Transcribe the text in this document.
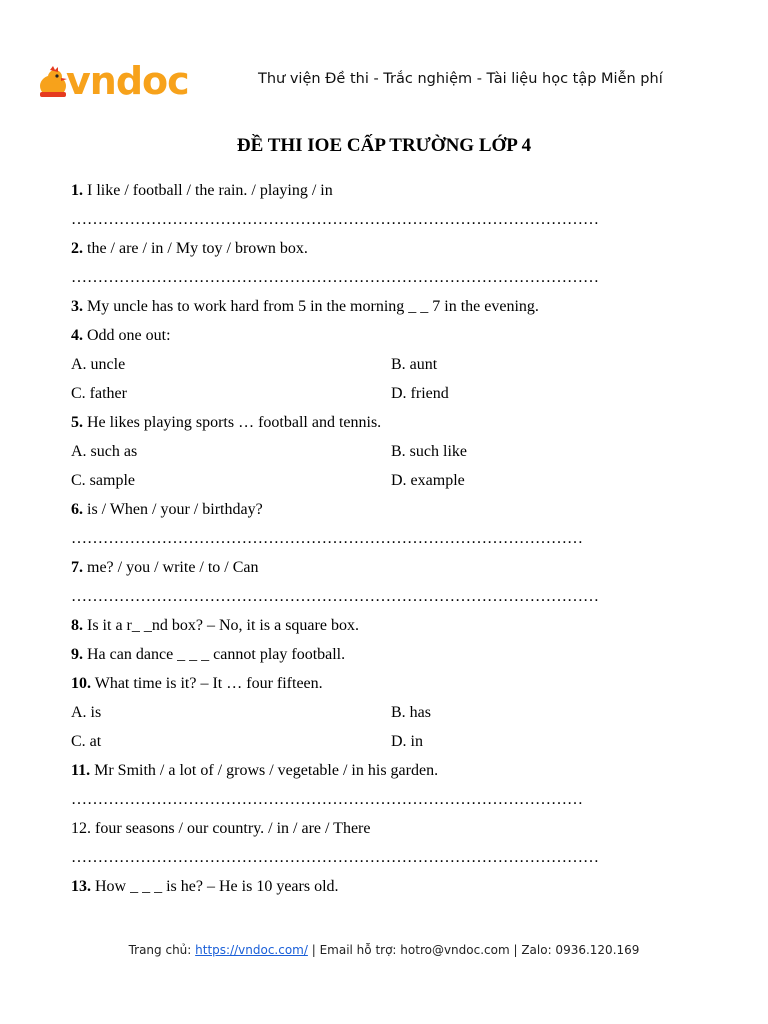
vndoc	Thư viện Đề thi - Trắc nghiệm - Tài liệu học tập Miễn phí
ĐỀ THI IOE CẤP TRƯỜNG LỚP 4
1. I like / football / the rain. / playing / in
………………………………………………………………………………………
2. the / are / in / My toy / brown box.
………………………………………………………………………………………
3. My uncle has to work hard from 5 in the morning _ _ 7 in the evening.
4. Odd one out:
A. uncle	B. aunt
C. father	D. friend
5. He likes playing sports … football and tennis.
A. such as	B. such like
C. sample	D. example
6. is / When / your / birthday?
……………………………………………………………………………………
7. me? / you / write / to / Can
………………………………………………………………………………………
8. Is it a r_ _nd box? – No, it is a square box.
9. Ha can dance _ _ _ cannot play football.
10. What time is it? – It … four fifteen.
A. is	B. has
C. at	D. in
11. Mr Smith / a lot of / grows / vegetable / in his garden.
……………………………………………………………………………………
12. four seasons / our country. / in / are / There
………………………………………………………………………………………
13. How _ _ _ is he? – He is 10 years old.
Trang chủ: https://vndoc.com/ | Email hỗ trợ: hotro@vndoc.com | Zalo: 0936.120.169
